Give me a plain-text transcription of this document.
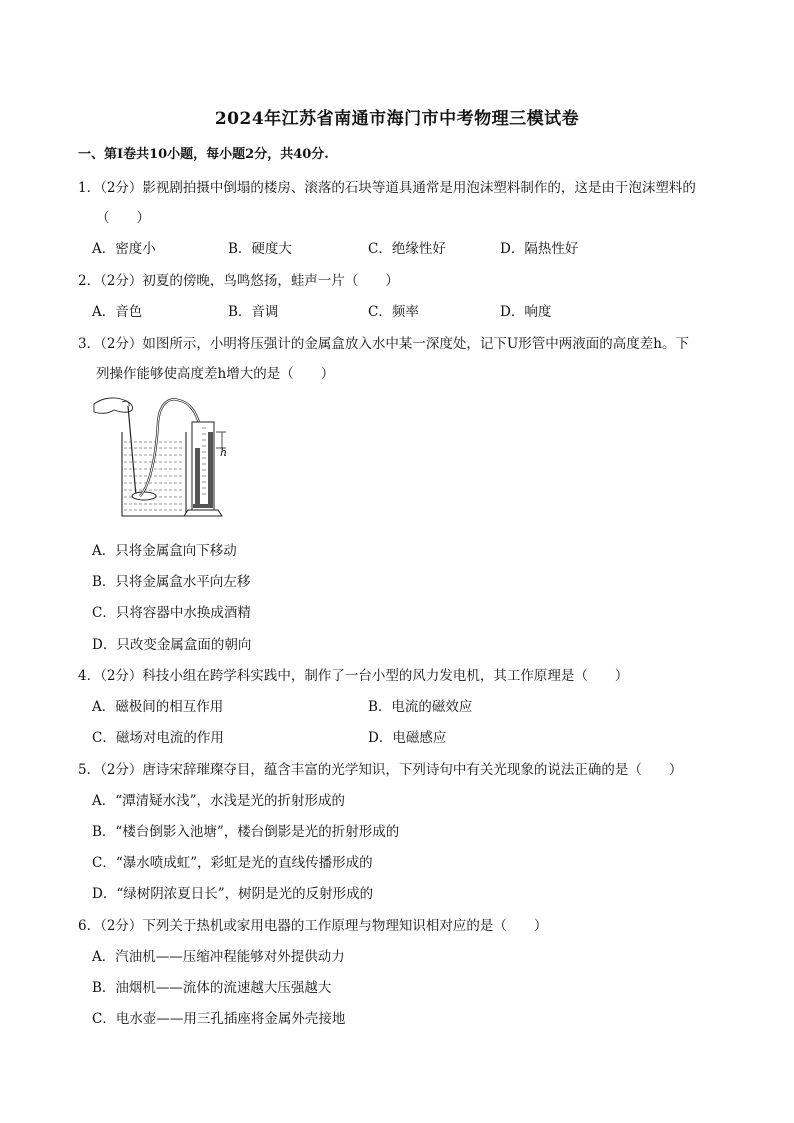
2024年江苏省南通市海门市中考物理三模试卷
一、第Ⅰ卷共10小题，每小题2分，共40分.
1．（2分）影视剧拍摄中倒塌的楼房、滚落的石块等道具通常是用泡沫塑料制作的，这是由于泡沫塑料的
（　　）
A．密度小	B．硬度大	C．绝缘性好	D．隔热性好
2．（2分）初夏的傍晚，鸟鸣悠扬，蛙声一片（　　）
A．音色	B．音调	C．频率	D．响度
3．（2分）如图所示，小明将压强计的金属盒放入水中某一深度处，记下U形管中两液面的高度差h。下
列操作能够使高度差h增大的是（　　）
h
A．只将金属盒向下移动
B．只将金属盒水平向左移
C．只将容器中水换成酒精
D．只改变金属盒面的朝向
4．（2分）科技小组在跨学科实践中，制作了一台小型的风力发电机，其工作原理是（　　）
A．磁极间的相互作用	B．电流的磁效应
C．磁场对电流的作用	D．电磁感应
5．（2分）唐诗宋辞璀璨夺目，蕴含丰富的光学知识，下列诗句中有关光现象的说法正确的是（　　）
A．“潭清疑水浅”，水浅是光的折射形成的
B．“楼台倒影入池塘”，楼台倒影是光的折射形成的
C．“瀑水喷成虹”，彩虹是光的直线传播形成的
D．“绿树阴浓夏日长”，树阴是光的反射形成的
6．（2分）下列关于热机或家用电器的工作原理与物理知识相对应的是（　　）
A．汽油机——压缩冲程能够对外提供动力
B．油烟机——流体的流速越大压强越大
C．电水壶——用三孔插座将金属外壳接地
